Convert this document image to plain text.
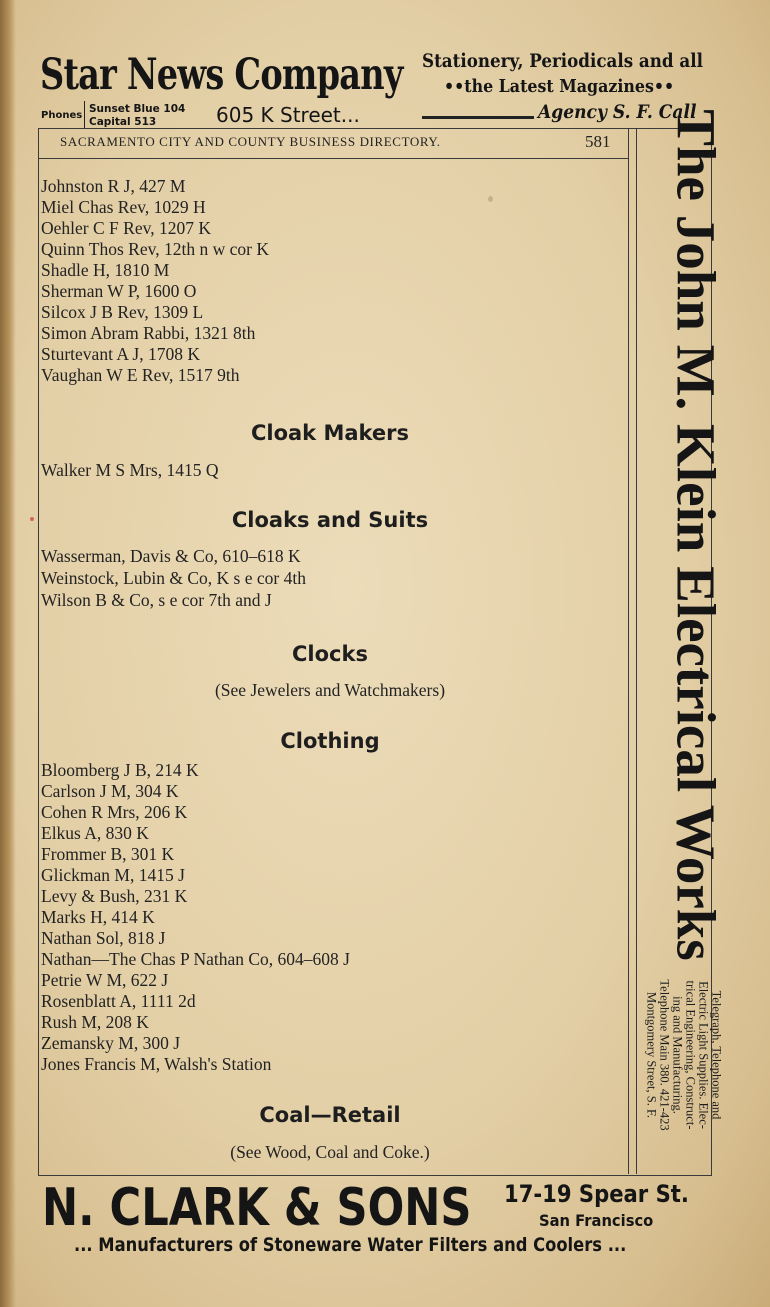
Star News Company
Phones
Sunset Blue 104
Capital 513	605 K Street...
Stationery, Periodicals and all
••the Latest Magazines••
Agency S. F. Call
SACRAMENTO CITY AND COUNTY BUSINESS DIRECTORY.	581
Johnston R J, 427 M
Miel Chas Rev, 1029 H
Oehler C F Rev, 1207 K
Quinn Thos Rev, 12th n w cor K
Shadle H, 1810 M
Sherman W P, 1600 O
Silcox J B Rev, 1309 L
Simon Abram Rabbi, 1321 8th
Sturtevant A J, 1708 K
Vaughan W E Rev, 1517 9th
Cloak Makers
Walker M S Mrs, 1415 Q
Cloaks and Suits
Wasserman, Davis & Co, 610–618 K
Weinstock, Lubin & Co, K s e cor 4th
Wilson B & Co, s e cor 7th and J
Clocks
(See Jewelers and Watchmakers)
Clothing
Bloomberg J B, 214 K
Carlson J M, 304 K
Cohen R Mrs, 206 K
Elkus A, 830 K
Frommer B, 301 K
Glickman M, 1415 J
Levy & Bush, 231 K
Marks H, 414 K
Nathan Sol, 818 J
Nathan—The Chas P Nathan Co, 604–608 J
Petrie W M, 622 J
Rosenblatt A, 1111 2d
Rush M, 208 K
Zemansky M, 300 J
Jones Francis M, Walsh's Station
Coal—Retail
(See Wood, Coal and Coke.)
The John M. Klein Electrical Works
Telegraph, Telephone and
Electric Light Supplies. Elec-
trical Engineering, Construct-
ing and Manufacturing.
Telephone Main 380. 421-423
Montgomery Street, S. F.
N. CLARK & SONS 17-19 Spear St.
San Francisco
... Manufacturers of Stoneware Water Filters and Coolers ...
